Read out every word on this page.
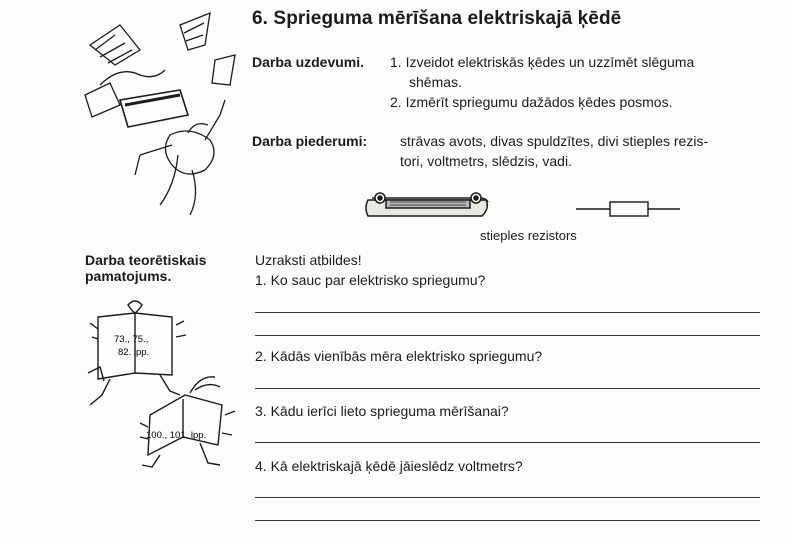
6. Sprieguma mērīšana elektriskajā ķēdē
Darba uzdevumi. 1. Izveidot elektriskās ķēdes un uzzīmēt slēguma
shēmas.
2. Izmērīt spriegumu dažādos ķēdes posmos.
Darba piederumi: strāvas avots, divas spuldzītes, divi stieples rezis-
tori, voltmetrs, slēdzis, vadi.
stieples rezistors
Darba teorētiskais
pamatojums.
Uzraksti atbildes!
1. Ko sauc par elektrisko spriegumu?
2. Kādās vienībās mēra elektrisko spriegumu?
3. Kādu ierīci lieto sprieguma mērīšanai?
4. Kā elektriskajā ķēdē jāieslēdz voltmetrs?
73., 75.,
82. lpp.
100., 101. lpp.
